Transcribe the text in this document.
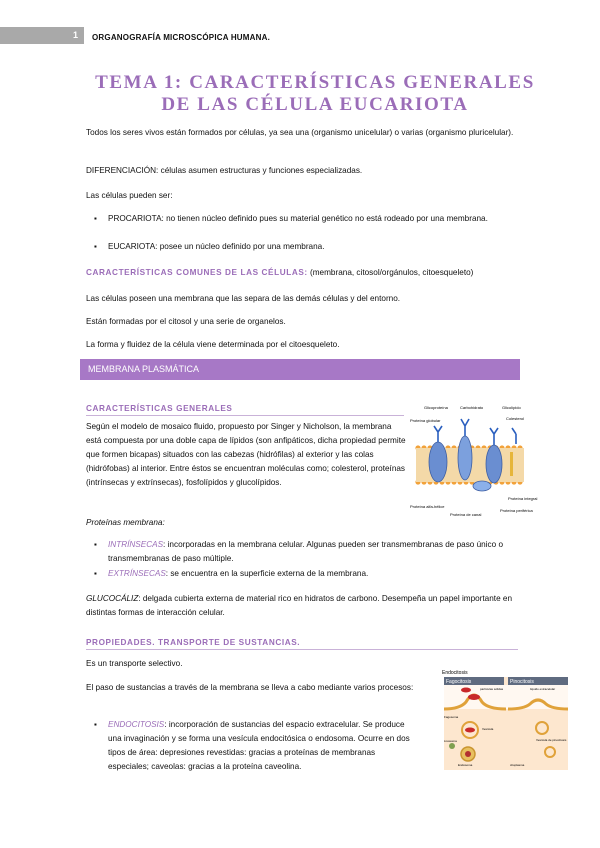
1 ORGANOGRAFÍA MICROSCÓPICA HUMANA.
TEMA 1: CARACTERÍSTICAS GENERALES
DE LAS CÉLULA EUCARIOTA
Todos los seres vivos están formados por células, ya sea una (organismo unicelular) o varias (organismo pluricelular).
DIFERENCIACIÓN: células asumen estructuras y funciones especializadas.
Las células pueden ser:
▪ PROCARIOTA: no tienen núcleo definido pues su material genético no está rodeado por una membrana.
▪ EUCARIOTA: posee un núcleo definido por una membrana.
CARACTERÍSTICAS COMUNES DE LAS CÉLULAS: (membrana, citosol/orgánulos, citoesqueleto)
Las células poseen una membrana que las separa de las demás células y del entorno.
Están formadas por el citosol y una serie de organelos.
La forma y fluidez de la célula viene determinada por el citoesqueleto.
MEMBRANA PLASMÁTICA
CARACTERÍSTICAS GENERALES
Según el modelo de mosaico fluido, propuesto por Singer y Nicholson, la membrana está compuesta por una doble capa de lípidos (son anfipáticos, dicha propiedad permite que formen bicapas) situados con las cabezas (hidrófilas) al exterior y las colas (hidrófobas) al interior. Entre éstos se encuentran moléculas como; colesterol, proteínas (intrínsecas y extrínsecas), fosfolípidos y glucolípidos.
Glicoproteína	Carbohidrato	Glicolípido
Colesterol
Proteína globular
Proteína integral
Proteína alfa-hélice
Proteína de canal
Proteína periférica
Proteínas membrana:
▪ INTRÍNSECAS: incorporadas en la membrana celular. Algunas pueden ser transmembranas de paso único o transmembranas de paso múltiple.
▪ EXTRÍNSECAS: se encuentra en la superficie externa de la membrana.
GLUCOCÁLIZ: delgada cubierta externa de material rico en hidratos de carbono. Desempeña un papel importante en distintas formas de interacción celular.
PROPIEDADES. TRANSPORTE DE SUSTANCIAS.
Es un transporte selectivo.
El paso de sustancias a través de la membrana se lleva a cabo mediante varios procesos:
▪ ENDOCITOSIS: incorporación de sustancias del espacio extracelular. Se produce una invaginación y se forma una vesícula endocitósica o endosoma. Ocurre en dos tipos de área: depresiones revestidas: gracias a proteínas de membranas especiales; caveolas: gracias a la proteína caveolina.
Endocitosis
Fagocitosis	Pinocitosis
partículas sólidas	líquido extracelular
Fagosoma
Endosoma
Vesícula
Lisosoma	Vesícula de pinocitosis
citoplasma
